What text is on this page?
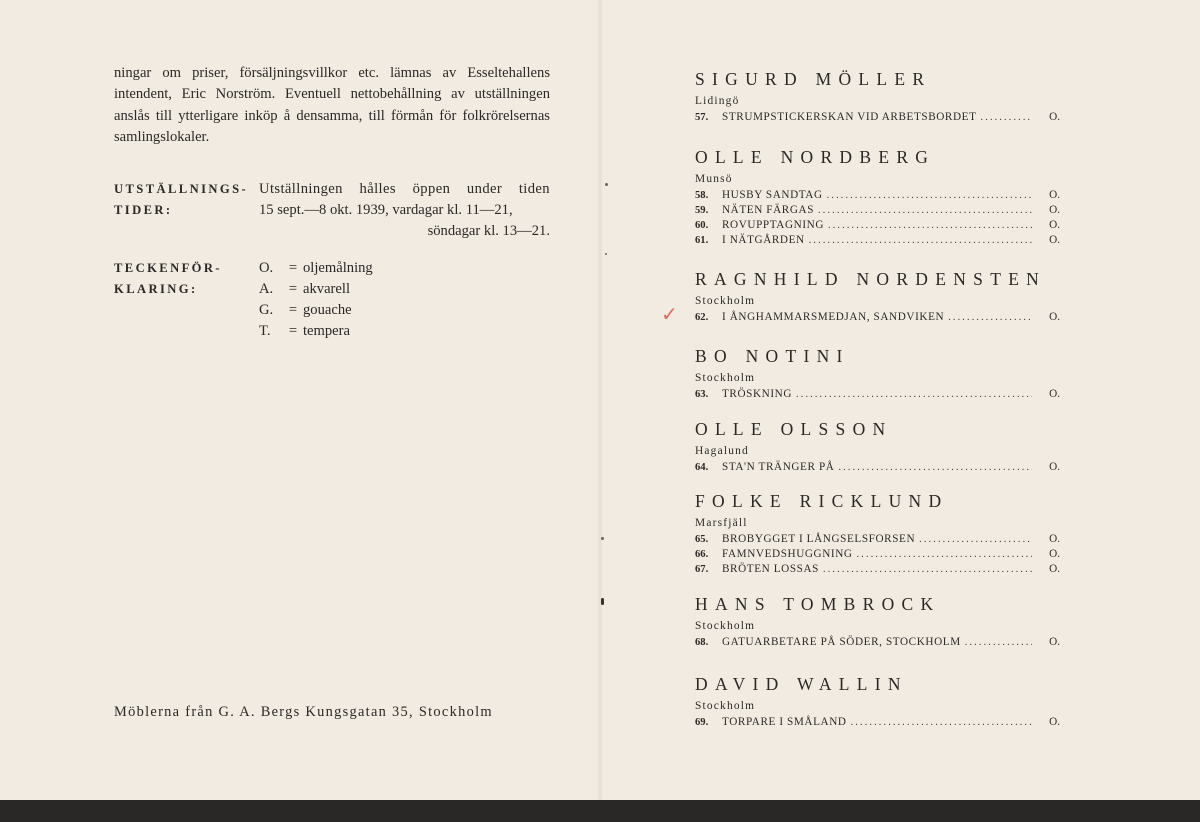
ningar om priser, försäljningsvillkor etc. lämnas av Esseltehallens intendent, Eric Norström. Eventuell nettobehållning av utställningen anslås till ytterligare inköp å densamma, till förmån för folkrörelsernas samlingslokaler.

UTSTÄLLNINGS-
TIDER:
Utställningen hålles öppen under tiden
15 sept.—8 okt. 1939, vardagar kl. 11—21,
söndagar kl. 13—21.
TECKENFÖR-
KLARING:
O. = oljemålning
A. = akvarell
G. = gouache
T. = tempera
Möblerna från G. A. Bergs Kungsgatan 35, Stockholm
SIGURD MÖLLER
Lidingö
57.	STRUMPSTICKERSKAN VID ARBETSBORDET .....	O.
OLLE NORDBERG
Munsö
58.	HUSBY SANDTAG .....	O.
59.	NÄTEN FÄRGAS .....	O.
60.	ROVUPPTAGNING .....	O.
61.	I NÄTGÅRDEN .....	O.
RAGNHILD NORDENSTEN
Stockholm
62.	I ÅNGHAMMARSMEDJAN, SANDVIKEN .....	O.
BO NOTINI
Stockholm
63.	TRÖSKNING .....	O.
OLLE OLSSON
Hagalund
64.	STA'N TRÄNGER PÅ .....	O.
FOLKE RICKLUND
Marsfjäll
65.	BROBYGGET I LÅNGSELSFORSEN .....	O.
66.	FAMNVEDSHUGGNING .....	O.
67.	BRÖTEN LOSSAS .....	O.
HANS TOMBROCK
Stockholm
68.	GATUARBETARE PÅ SÖDER, STOCKHOLM .....	O.
DAVID WALLIN
Stockholm
69.	TORPARE I SMÅLAND .....	O.
✓
